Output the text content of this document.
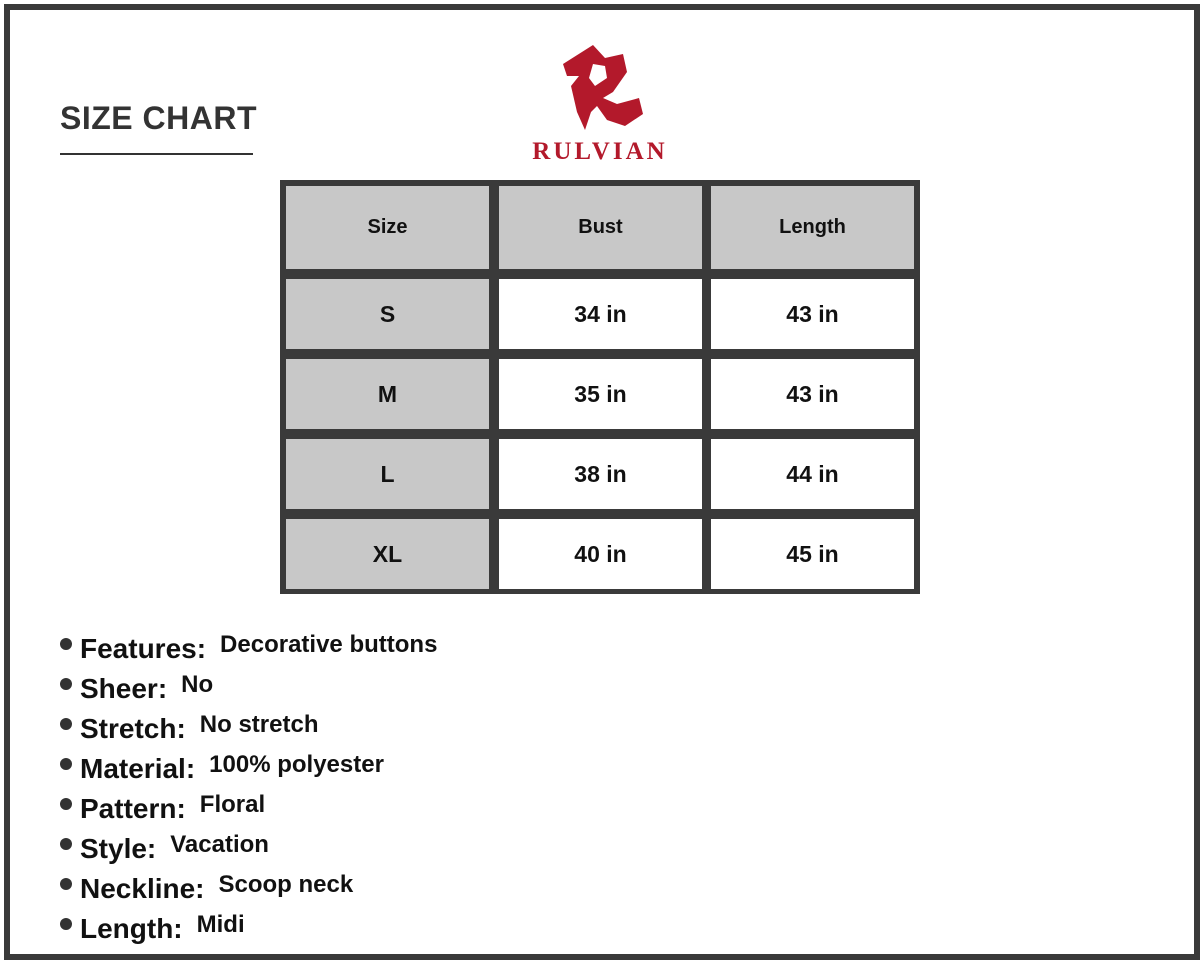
SIZE CHART
RULVIAN
Size	Bust	Length
S	34 in	43 in
M	35 in	43 in
L	38 in	44 in
XL	40 in	45 in
Features: Decorative buttons
Sheer: No
Stretch: No stretch
Material: 100% polyester
Pattern: Floral
Style: Vacation
Neckline: Scoop neck
Length: Midi
